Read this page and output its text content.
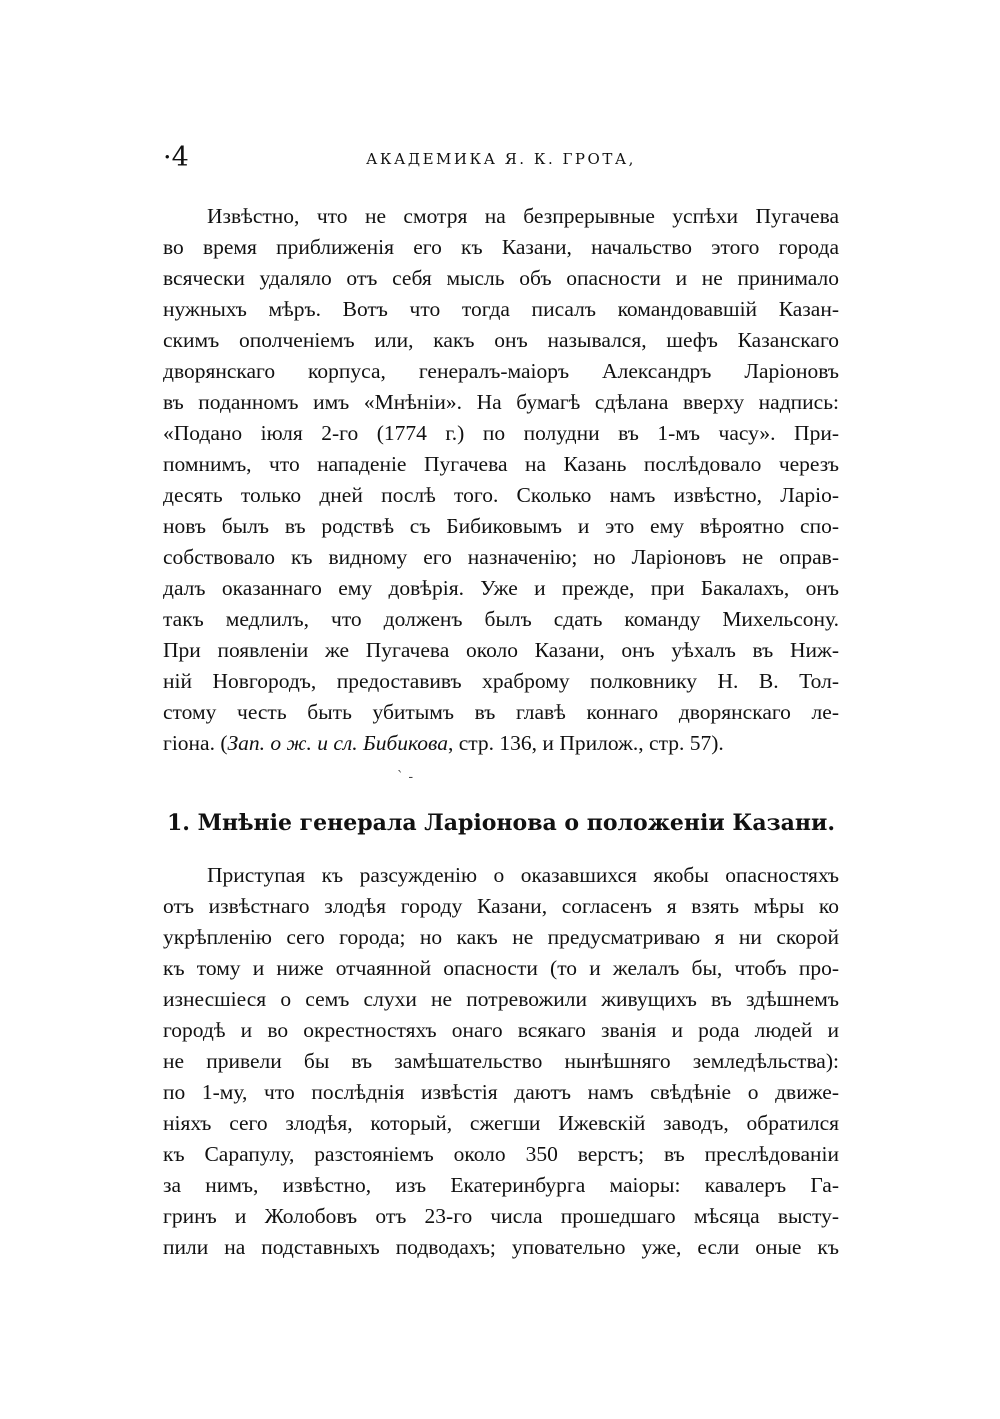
·4	АКАДЕМИКА Я. К. ГРОТА,
Извѣстно, что не смотря на безпрерывные успѣхи Пугачева
во время приближенія его къ Казани, начальство этого города
всячески удаляло отъ себя мысль объ опасности и не принимало
нужныхъ мѣръ. Вотъ что тогда писалъ командовавшій Казан-
скимъ ополченіемъ или, какъ онъ назывался, шефъ Казанскаго
дворянскаго корпуса, генералъ-маіоръ Александръ Ларіоновъ
въ поданномъ имъ «Мнѣніи». На бумагѣ сдѣлана вверху надпись:
«Подано іюля 2-го (1774 г.) по полудни въ 1-мъ часу». При-
помнимъ, что нападеніе Пугачева на Казань послѣдовало черезъ
десять только дней послѣ того. Сколько намъ извѣстно, Ларіо-
новъ былъ въ родствѣ съ Бибиковымъ и это ему вѣроятно спо-
собствовало къ видному его назначенію; но Ларіоновъ не оправ-
далъ оказаннаго ему довѣрія. Уже и прежде, при Бакалахъ, онъ
такъ медлилъ, что долженъ былъ сдать команду Михельсону.
При появленіи же Пугачева около Казани, онъ уѣхалъ въ Ниж-
ній Новгородъ, предоставивъ храброму полковнику Н. В. Тол-
стому честь быть убитымъ въ главѣ коннаго дворянскаго ле-
гіона. (Зап. о ж. и сл. Бибикова, стр. 136, и Прилож., стр. 57).
` -
1. Мнѣніе генерала Ларіонова о положеніи Казани.
Приступая къ разсужденію о оказавшихся якобы опасностяхъ
отъ извѣстнаго злодѣя городу Казани, согласенъ я взять мѣры ко
укрѣпленію сего города; но какъ не предусматриваю я ни скорой
къ тому и ниже отчаянной опасности (то и желалъ бы, чтобъ про-
изнесшіеся о семъ слухи не потревожили живущихъ въ здѣшнемъ
городѣ и во окрестностяхъ онаго всякаго званія и рода людей и
не привели бы въ замѣшательство нынѣшняго земледѣльства):
по 1-му, что послѣднія извѣстія даютъ намъ свѣдѣніе о движе-
ніяхъ сего злодѣя, который, сжегши Ижевскій заводъ, обратился
къ Сарапулу, разстояніемъ около 350 верстъ; въ преслѣдованіи
за нимъ, извѣстно, изъ Екатеринбурга маіоры: кавалеръ Га-
гринъ и Жолобовъ отъ 23-го числа прошедшаго мѣсяца высту-
пили на подставныхъ подводахъ; уповательно уже, если оные къ
